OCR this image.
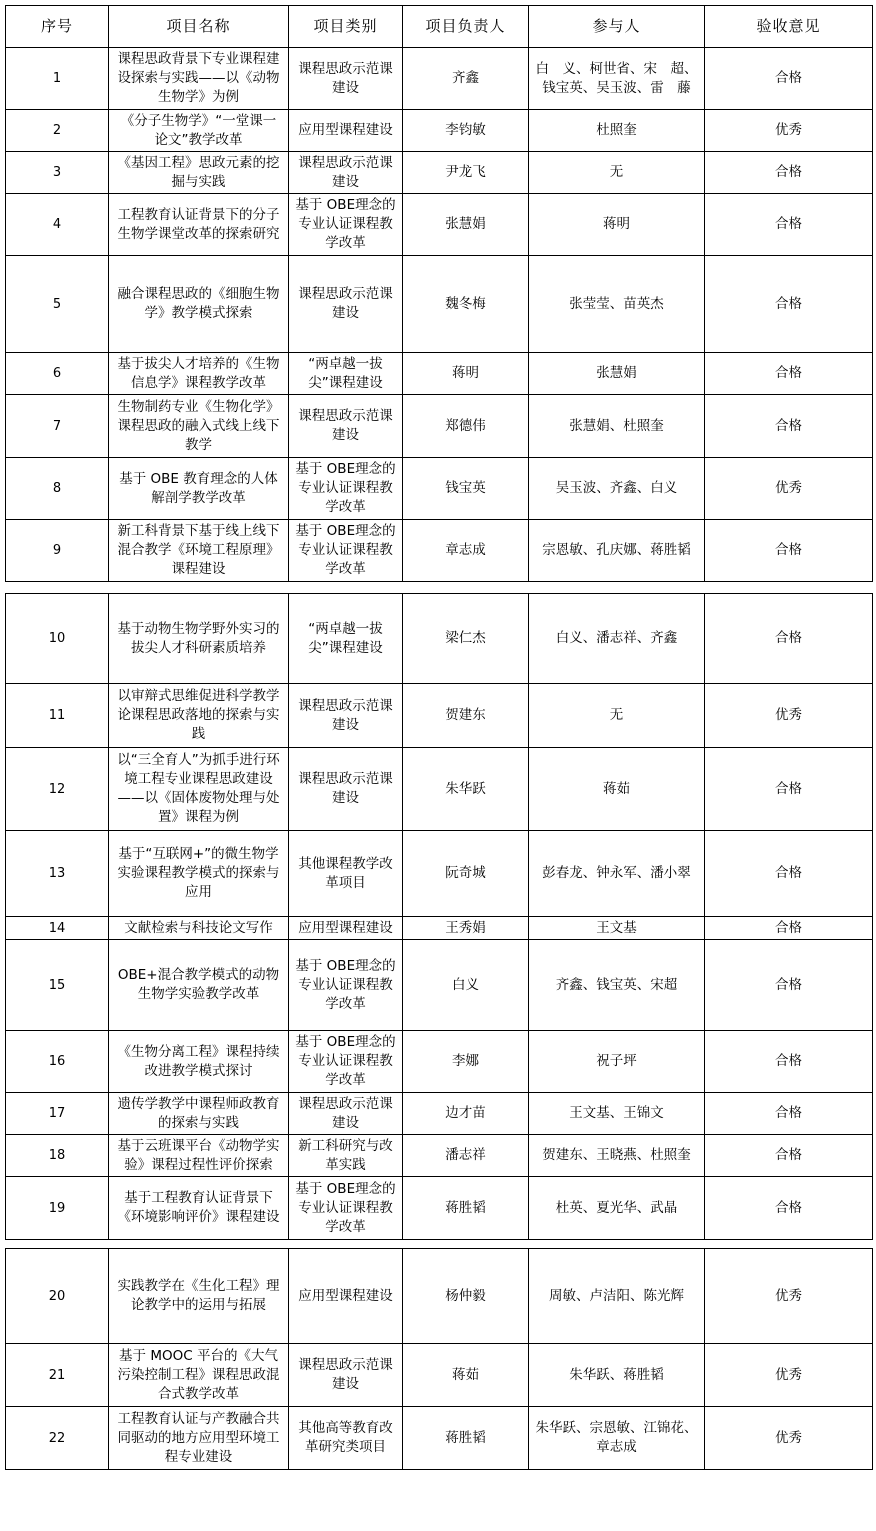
序号	项目名称	项目类别	项目负责人	参与人	验收意见
1	课程思政背景下专业课程建设探索与实践——以《动物生物学》为例	课程思政示范课建设	齐鑫	白　义、柯世省、宋　超、钱宝英、吴玉波、雷　藤	合格
2	《分子生物学》“一堂课一论文”教学改革	应用型课程建设	李钧敏	杜照奎	优秀
3	《基因工程》思政元素的挖掘与实践	课程思政示范课建设	尹龙飞	无	合格
4	工程教育认证背景下的分子生物学课堂改革的探索研究	基于 OBE理念的专业认证课程教学改革	张慧娟	蒋明	合格
5	融合课程思政的《细胞生物学》教学模式探索	课程思政示范课建设	魏冬梅	张莹莹、苗英杰	合格
6	基于拔尖人才培养的《生物信息学》课程教学改革	“两卓越一拔尖”课程建设	蒋明	张慧娟	合格
7	生物制药专业《生物化学》课程思政的融入式线上线下教学	课程思政示范课建设	郑德伟	张慧娟、杜照奎	合格
8	基于 OBE 教育理念的人体解剖学教学改革	基于 OBE理念的专业认证课程教学改革	钱宝英	吴玉波、齐鑫、白义	优秀
9	新工科背景下基于线上线下混合教学《环境工程原理》课程建设	基于 OBE理念的专业认证课程教学改革	章志成	宗恩敏、孔庆娜、蒋胜韬	合格
10	基于动物生物学野外实习的拔尖人才科研素质培养	“两卓越一拔尖”课程建设	梁仁杰	白义、潘志祥、齐鑫	合格
11	以审辩式思维促进科学教学论课程思政落地的探索与实践	课程思政示范课建设	贺建东	无	优秀
12	以“三全育人”为抓手进行环境工程专业课程思政建设——以《固体废物处理与处置》课程为例	课程思政示范课建设	朱华跃	蒋茹	合格
13	基于“互联网+”的微生物学实验课程教学模式的探索与应用	其他课程教学改革项目	阮奇城	彭春龙、钟永军、潘小翠	合格
14	文献检索与科技论文写作	应用型课程建设	王秀娟	王文基	合格
15	OBE+混合教学模式的动物生物学实验教学改革	基于 OBE理念的专业认证课程教学改革	白义	齐鑫、钱宝英、宋超	合格
16	《生物分离工程》课程持续改进教学模式探讨	基于 OBE理念的专业认证课程教学改革	李娜	祝子坪	合格
17	遗传学教学中课程师政教育的探索与实践	课程思政示范课建设	边才苗	王文基、王锦文	合格
18	基于云班课平台《动物学实验》课程过程性评价探索	新工科研究与改革实践	潘志祥	贺建东、王晓燕、杜照奎	合格
19	基于工程教育认证背景下《环境影响评价》课程建设	基于 OBE理念的专业认证课程教学改革	蒋胜韬	杜英、夏光华、武晶	合格
20	实践教学在《生化工程》理论教学中的运用与拓展	应用型课程建设	杨仲毅	周敏、卢洁阳、陈光辉	优秀
21	基于 MOOC 平台的《大气污染控制工程》课程思政混合式教学改革	课程思政示范课建设	蒋茹	朱华跃、蒋胜韬	优秀
22	工程教育认证与产教融合共同驱动的地方应用型环境工程专业建设	其他高等教育改革研究类项目	蒋胜韬	朱华跃、宗恩敏、江锦花、章志成	优秀
